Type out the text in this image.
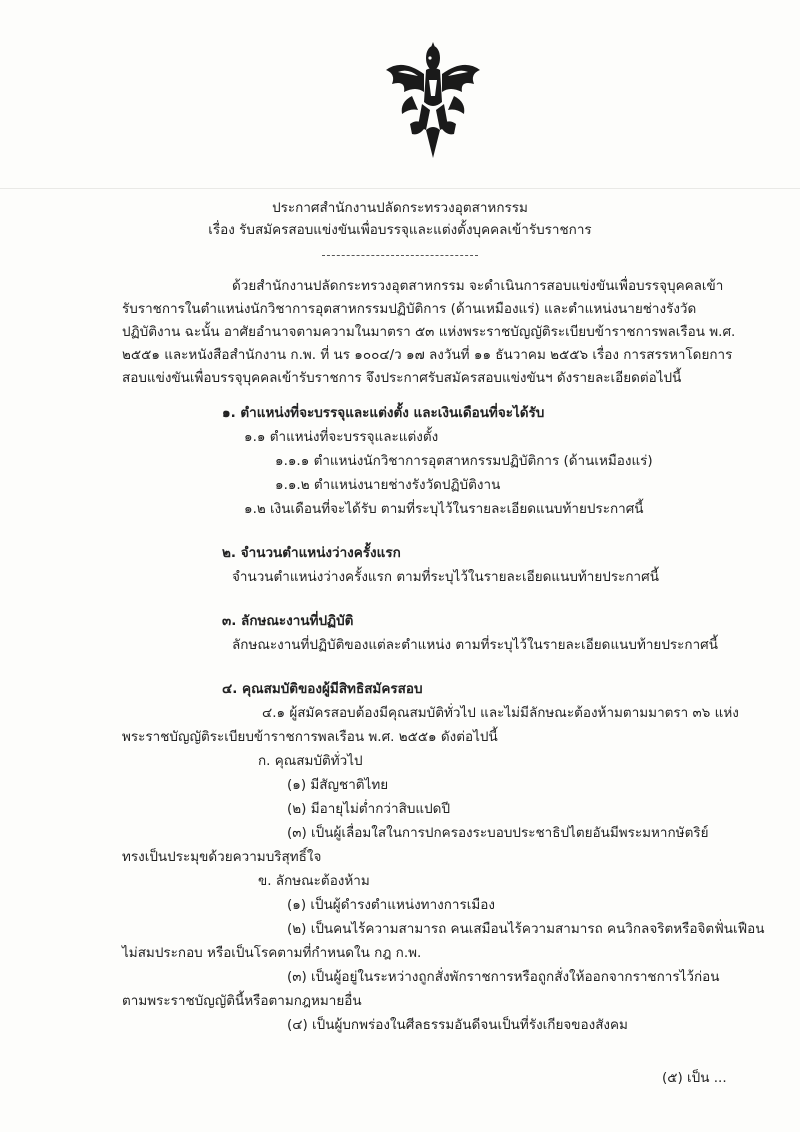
ประกาศสำนักงานปลัดกระทรวงอุตสาหกรรม
เรื่อง รับสมัครสอบแข่งขันเพื่อบรรจุและแต่งตั้งบุคคลเข้ารับราชการ
ด้วยสำนักงานปลัดกระทรวงอุตสาหกรรม จะดำเนินการสอบแข่งขันเพื่อบรรจุบุคคลเข้า
รับราชการในตำแหน่งนักวิชาการอุตสาหกรรมปฏิบัติการ (ด้านเหมืองแร่) และตำแหน่งนายช่างรังวัด
ปฏิบัติงาน ฉะนั้น อาศัยอำนาจตามความในมาตรา ๕๓ แห่งพระราชบัญญัติระเบียบข้าราชการพลเรือน พ.ศ.
๒๕๕๑ และหนังสือสำนักงาน ก.พ. ที่ นร ๑๐๐๔/ว ๑๗ ลงวันที่ ๑๑ ธันวาคม ๒๕๕๖ เรื่อง การสรรหาโดยการ
สอบแข่งขันเพื่อบรรจุบุคคลเข้ารับราชการ จึงประกาศรับสมัครสอบแข่งขันฯ ดังรายละเอียดต่อไปนี้
๑. ตำแหน่งที่จะบรรจุและแต่งตั้ง และเงินเดือนที่จะได้รับ
๑.๑ ตำแหน่งที่จะบรรจุและแต่งตั้ง
๑.๑.๑ ตำแหน่งนักวิชาการอุตสาหกรรมปฏิบัติการ (ด้านเหมืองแร่)
๑.๑.๒ ตำแหน่งนายช่างรังวัดปฏิบัติงาน
๑.๒ เงินเดือนที่จะได้รับ ตามที่ระบุไว้ในรายละเอียดแนบท้ายประกาศนี้
๒. จำนวนตำแหน่งว่างครั้งแรก
จำนวนตำแหน่งว่างครั้งแรก ตามที่ระบุไว้ในรายละเอียดแนบท้ายประกาศนี้
๓. ลักษณะงานที่ปฏิบัติ
ลักษณะงานที่ปฏิบัติของแต่ละตำแหน่ง ตามที่ระบุไว้ในรายละเอียดแนบท้ายประกาศนี้
๔. คุณสมบัติของผู้มีสิทธิสมัครสอบ
๔.๑ ผู้สมัครสอบต้องมีคุณสมบัติทั่วไป และไม่มีลักษณะต้องห้ามตามมาตรา ๓๖ แห่ง
พระราชบัญญัติระเบียบข้าราชการพลเรือน พ.ศ. ๒๕๕๑ ดังต่อไปนี้
ก. คุณสมบัติทั่วไป
(๑) มีสัญชาติไทย
(๒) มีอายุไม่ต่ำกว่าสิบแปดปี
(๓) เป็นผู้เลื่อมใสในการปกครองระบอบประชาธิปไตยอันมีพระมหากษัตริย์
ทรงเป็นประมุขด้วยความบริสุทธิ์ใจ
ข. ลักษณะต้องห้าม
(๑) เป็นผู้ดำรงตำแหน่งทางการเมือง
(๒) เป็นคนไร้ความสามารถ คนเสมือนไร้ความสามารถ คนวิกลจริตหรือจิตฟั่นเฟือน
ไม่สมประกอบ หรือเป็นโรคตามที่กำหนดใน กฎ ก.พ.
(๓) เป็นผู้อยู่ในระหว่างถูกสั่งพักราชการหรือถูกสั่งให้ออกจากราชการไว้ก่อน
ตามพระราชบัญญัตินี้หรือตามกฎหมายอื่น
(๔) เป็นผู้บกพร่องในศีลธรรมอันดีจนเป็นที่รังเกียจของสังคม
(๕) เป็น ...
